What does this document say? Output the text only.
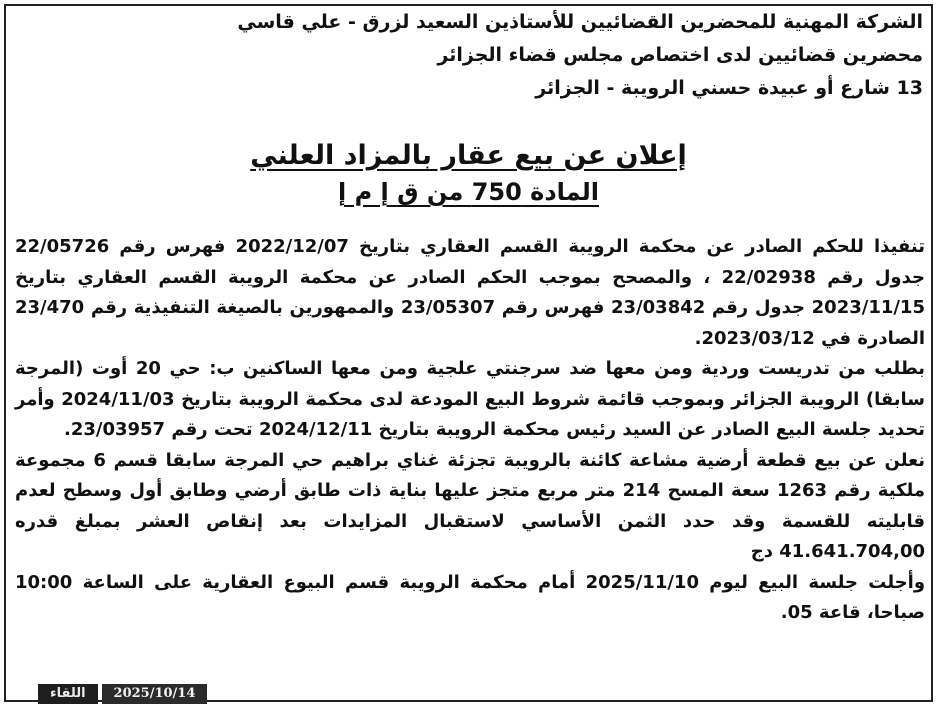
الشركة المهنية للمحضرين القضائيين للأستاذين السعيد لزرق - علي قاسي
محضرين قضائيين لدى اختصاص مجلس قضاء الجزائر
13 شارع أو عبيدة حسني الرويبة - الجزائر
إعلان عن بيع عقار بالمزاد العلني
المادة 750 من ق إ م إ

تنفيذا للحكم الصادر عن محكمة الرويبة القسم العقاري بتاريخ 2022/12/07 فهرس رقم 22/05726 جدول رقم 22/02938 ، والمصحح بموجب الحكم الصادر عن محكمة الرويبة القسم العقاري بتاريخ 2023/11/15 جدول رقم 23/03842 فهرس رقم 23/05307 والممهورين بالصيغة التنفيذية رقم 23/470 الصادرة في 2023/03/12.

بطلب من تدريست وردية ومن معها ضد سرجنتي علجية ومن معها الساكنين ب: حي 20 أوت (المرجة سابقا) الرويبة الجزائر وبموجب قائمة شروط البيع المودعة لدى محكمة الرويبة بتاريخ 2024/11/03 وأمر تحديد جلسة البيع الصادر عن السيد رئيس محكمة الرويبة بتاريخ 2024/12/11 تحت رقم 23/03957.

نعلن عن بيع قطعة أرضية مشاعة كائنة بالرويبة تجزئة غناي براهيم حي المرجة سابقا قسم 6 مجموعة ملكية رقم 1263 سعة المسح 214 متر مربع متجز عليها بناية ذات طابق أرضي وطابق أول وسطح لعدم قابليته للقسمة وقد حدد الثمن الأساسي لاستقبال المزايدات بعد إنقاص العشر بمبلغ قدره 41.641.704,00 دج

وأجلت جلسة البيع ليوم 2025/11/10 أمام محكمة الرويبة قسم البيوع العقارية على الساعة 10:00 صباحا، قاعة 05.

اللقاء	2025/10/14
